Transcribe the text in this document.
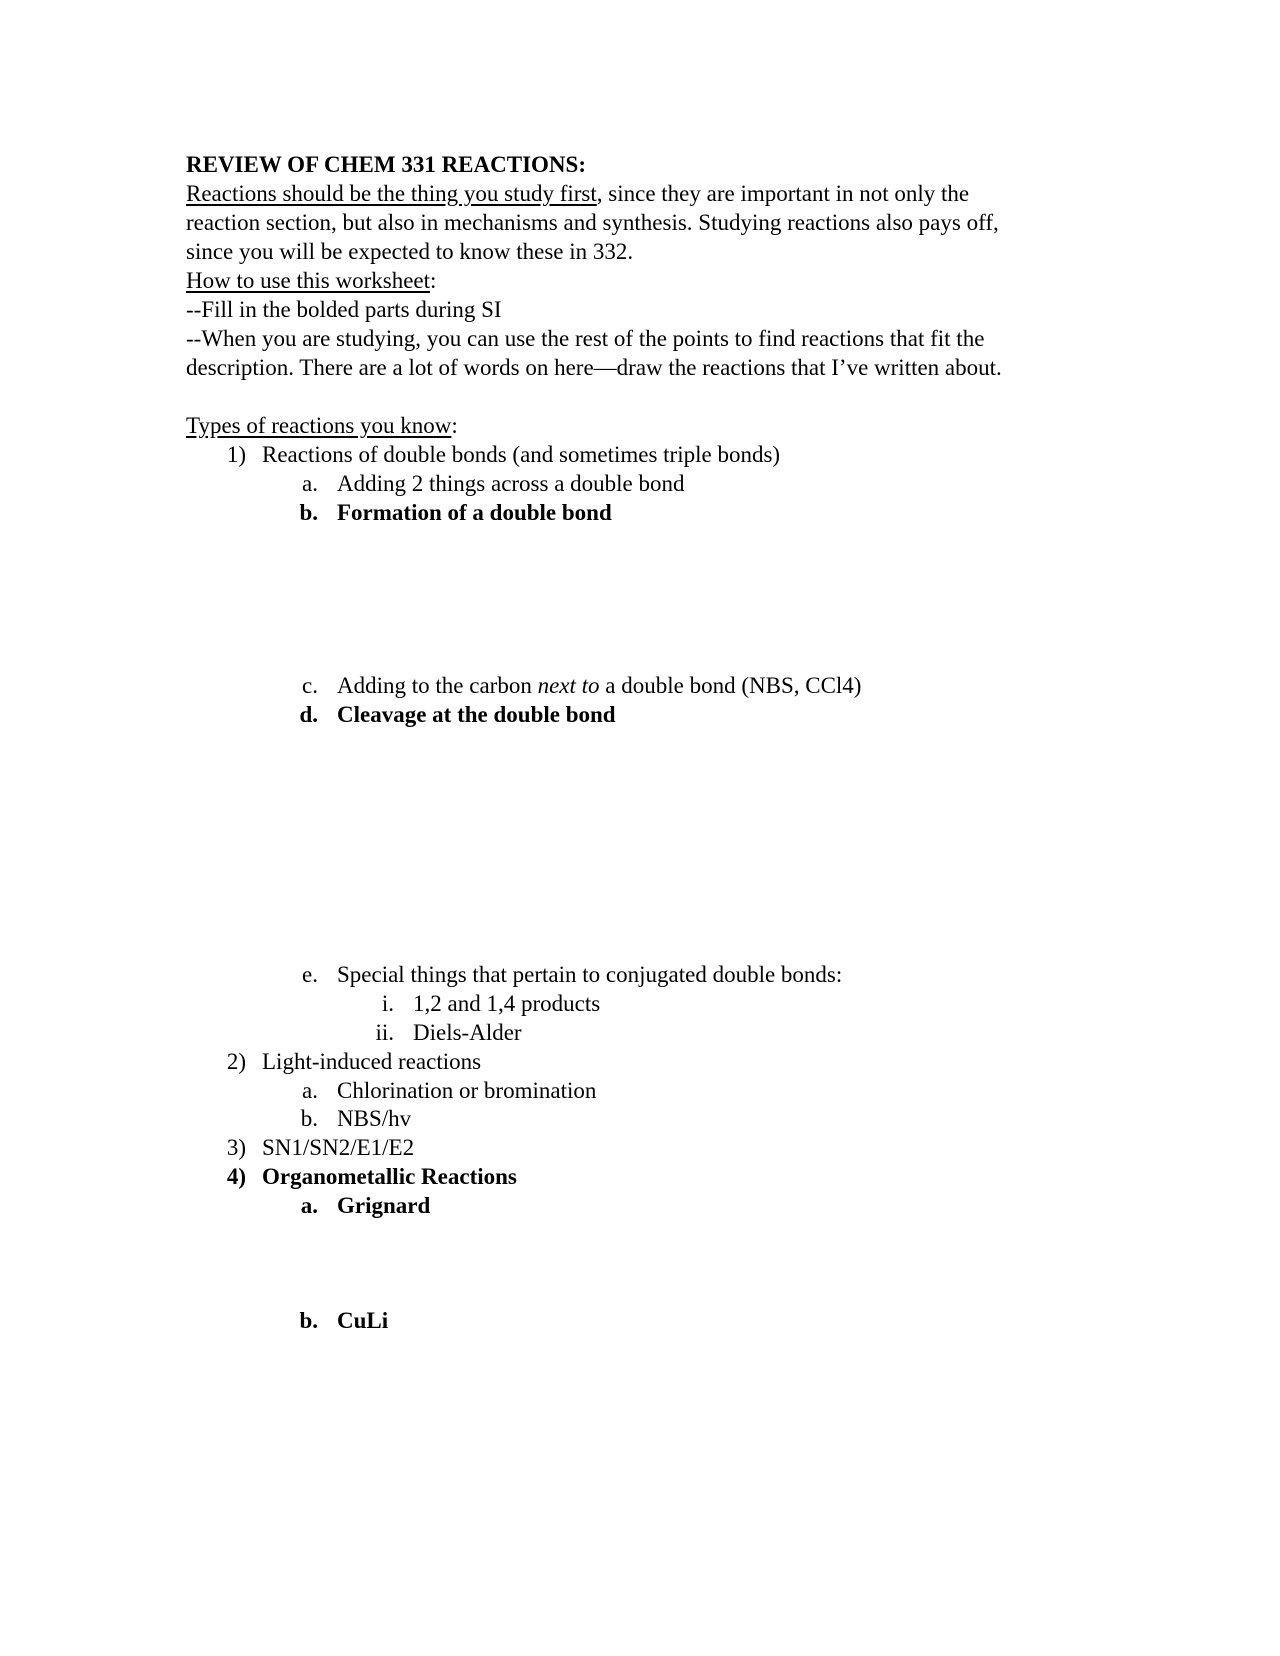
REVIEW OF CHEM 331 REACTIONS:
Reactions should be the thing you study first, since they are important in not only the
reaction section, but also in mechanisms and synthesis. Studying reactions also pays off,
since you will be expected to know these in 332.
How to use this worksheet:
--Fill in the bolded parts during SI
--When you are studying, you can use the rest of the points to find reactions that fit the
description. There are a lot of words on here—draw the reactions that I’ve written about.
Types of reactions you know:
1) Reactions of double bonds (and sometimes triple bonds)
a. Adding 2 things across a double bond
b. Formation of a double bond
c. Adding to the carbon next to a double bond (NBS, CCl4)
d. Cleavage at the double bond
e. Special things that pertain to conjugated double bonds:
i. 1,2 and 1,4 products
ii. Diels-Alder
2) Light-induced reactions
a. Chlorination or bromination
b. NBS/hv
3) SN1/SN2/E1/E2
4) Organometallic Reactions
a. Grignard
b. CuLi
